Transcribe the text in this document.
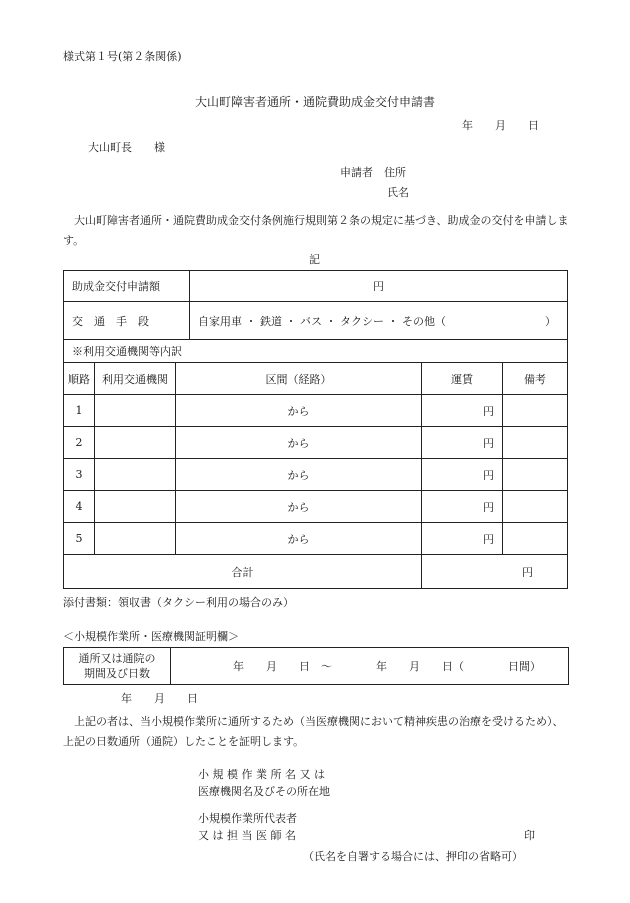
様式第１号(第２条関係)
大山町障害者通所・通院費助成金交付申請書
年　　月　　日
大山町長　　様
申請者　住所
氏名
　大山町障害者通所・通院費助成金交付条例施行規則第２条の規定に基づき、助成金の交付を申請します。
記
助成金交付申請額	円
交　通　手　段	自家用車 ・ 鉄道 ・ バス ・ タクシー ・ その他（　　　　　　　　　）
※利用交通機関等内訳				
順路	利用交通機関	区間（経路）	運賃	備考
1		から	円	
2		から	円	
3		から	円	
4		から	円	
5		から	円	
合計			円	
添付書類：領収書（タクシー利用の場合のみ）
＜小規模作業所・医療機関証明欄＞
通所又は通院の
期間及び日数
	年　　月　　日　～　　　　年　　月　　日（　　　　日間）
年　　月　　日
　上記の者は、当小規模作業所に通所するため（当医療機関において精神疾患の治療を受けるため）、上記の日数通所（通院）したことを証明します。
小 規 模 作 業 所 名 又 は
医療機関名及びその所在地
小規模作業所代表者
又 は 担 当 医 師 名	印
（氏名を自署する場合には、押印の省略可）
